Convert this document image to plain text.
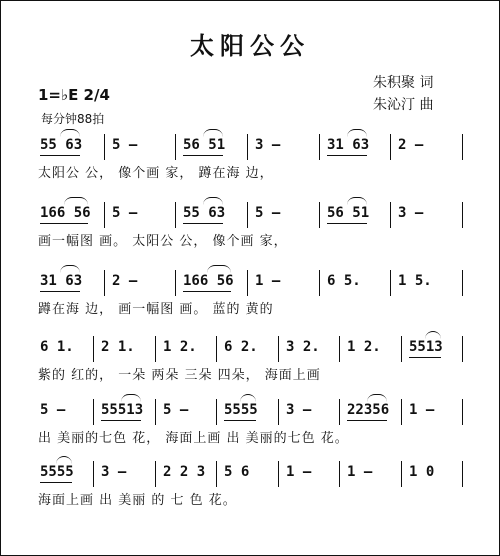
太阳公公
朱积聚 词
朱沁汀 曲
1=♭E 2/4
每分钟88拍
55 63 5 –	56 51 3 –	31 63 2 –
太阳公 公， 像个画 家， 蹲在海 边，
166 56 5 –	55 63 5 –	56 51 3 –
画一幅图 画。 太阳公 公， 像个画 家，
31 63 2 –	166 56 1 –	6 5.	1 5.
蹲在海 边， 画一幅图 画。 蓝的 黄的
6 1. 2 1. 1 2. 6 2. 3 2. 1 2. 5513
紫的 红的， 一朵 两朵 三朵 四朵， 海面上画
5 –	55513 5 –	5555 3 –	22356 1 –
出 美丽的七色 花， 海面上画 出 美丽的七色 花。
5555 3 –	2 2 3 5 6	1 –	1 –	1 0
海面上画 出 美丽 的 七 色 花。
